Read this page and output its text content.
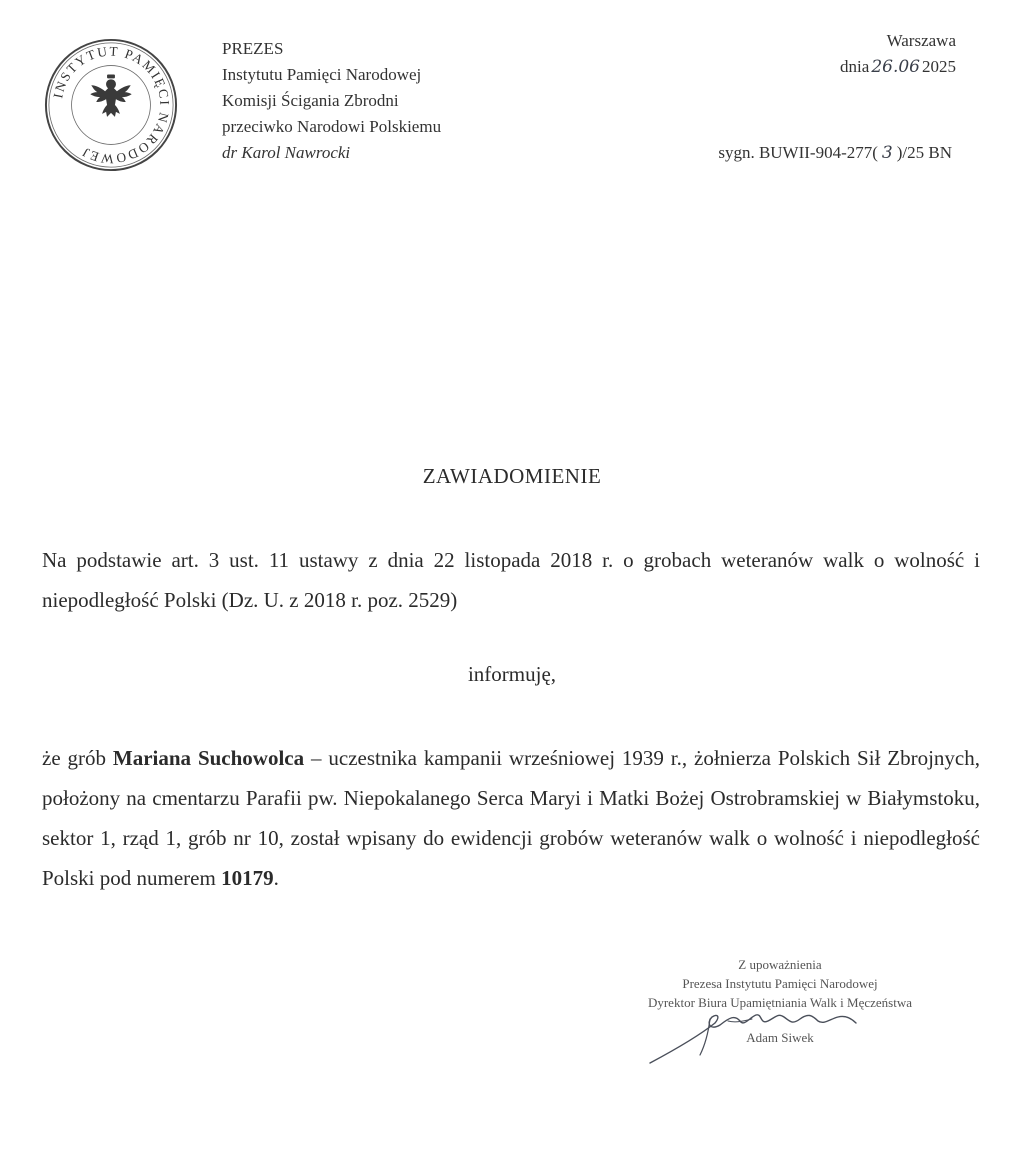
INSTYTUT PAMIĘCI NARODOWEJ
PREZES
Instytutu Pamięci Narodowej
Komisji Ścigania Zbrodni
przeciwko Narodowi Polskiemu
dr Karol Nawrocki
Warszawa
dnia 26.06 2025
sygn. BUWII-904-277( 3 )/25 BN
ZAWIADOMIENIE
Na podstawie art. 3 ust. 11 ustawy z dnia 22 listopada 2018 r. o grobach weteranów walk o wolność i niepodległość Polski (Dz. U. z 2018 r. poz. 2529)
informuję,
że grób Mariana Suchowolca – uczestnika kampanii wrześniowej 1939 r., żołnierza Polskich Sił Zbrojnych, położony na cmentarzu Parafii pw. Niepokalanego Serca Maryi i Matki Bożej Ostrobramskiej w Białymstoku, sektor 1, rząd 1, grób nr 10, został wpisany do ewidencji grobów weteranów walk o wolność i niepodległość Polski pod numerem 10179.
Z upoważnienia
Prezesa Instytutu Pamięci Narodowej
Dyrektor Biura Upamiętniania Walk i Męczeństwa
Adam Siwek
